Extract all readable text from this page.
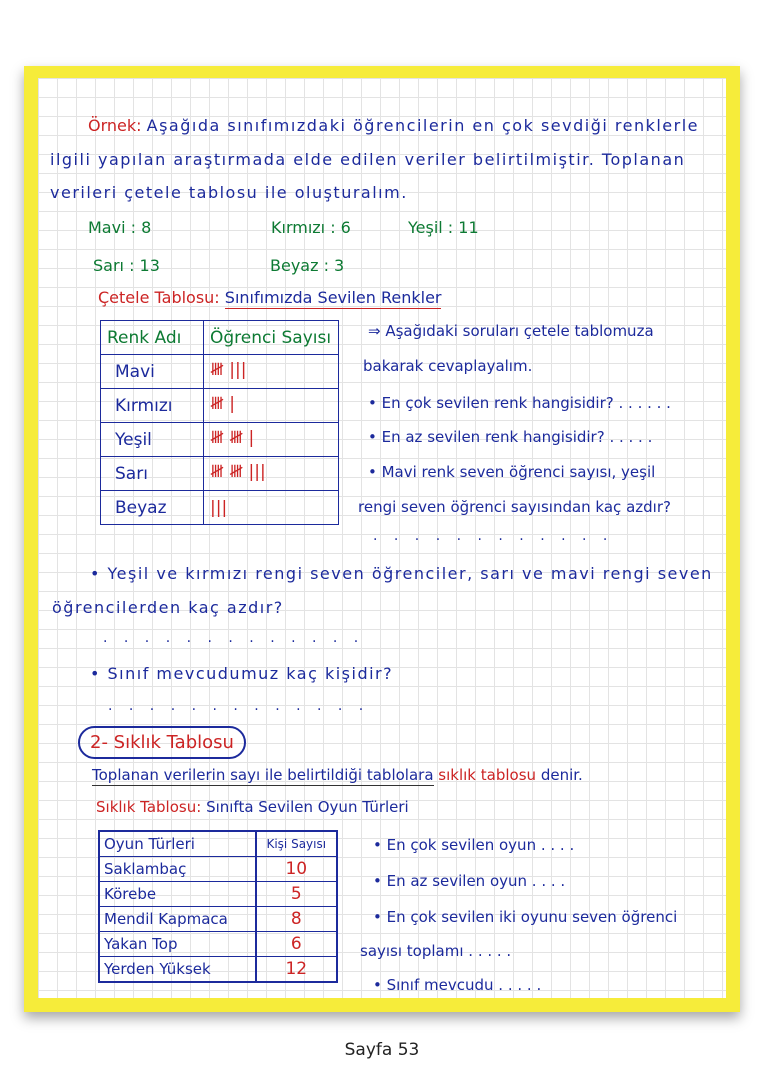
Örnek: Aşağıda sınıfımızdaki öğrencilerin en çok sevdiği renklerle
ilgili yapılan araştırmada elde edilen veriler belirtilmiştir. Toplanan
verileri çetele tablosu ile oluşturalım.
Mavi : 8	Kırmızı : 6	Yeşil : 11
Sarı : 13	Beyaz : 3
Çetele Tablosu: Sınıfımızda Sevilen Renkler
Renk Adı	Öğrenci Sayısı
Mavi	𝍸 |||
Kırmızı	𝍸 |
Yeşil	𝍸 𝍸 |
Sarı	𝍸 𝍸 |||
Beyaz	|||
⇒ Aşağıdaki soruları çetele tablomuza
bakarak cevaplayalım.
• En çok sevilen renk hangisidir? . . . . . .
• En az sevilen renk hangisidir? . . . . .
• Mavi renk seven öğrenci sayısı, yeşil
rengi seven öğrenci sayısından kaç azdır?
. . . . . . . . . . . .
• Yeşil ve kırmızı rengi seven öğrenciler, sarı ve mavi rengi seven
öğrencilerden kaç azdır?
. . . . . . . . . . . . .
• Sınıf mevcudumuz kaç kişidir?
. . . . . . . . . . . . .
2- Sıklık Tablosu
Toplanan verilerin sayı ile belirtildiği tablolara sıklık tablosu denir.
Sıklık Tablosu: Sınıfta Sevilen Oyun Türleri
Oyun Türleri	Kişi Sayısı
Saklambaç	10
Körebe	5
Mendil Kapmaca	8
Yakan Top	6
Yerden Yüksek	12
• En çok sevilen oyun . . . .
• En az sevilen oyun . . . .
• En çok sevilen iki oyunu seven öğrenci
sayısı toplamı . . . . .
• Sınıf mevcudu . . . . .
Sayfa 53
